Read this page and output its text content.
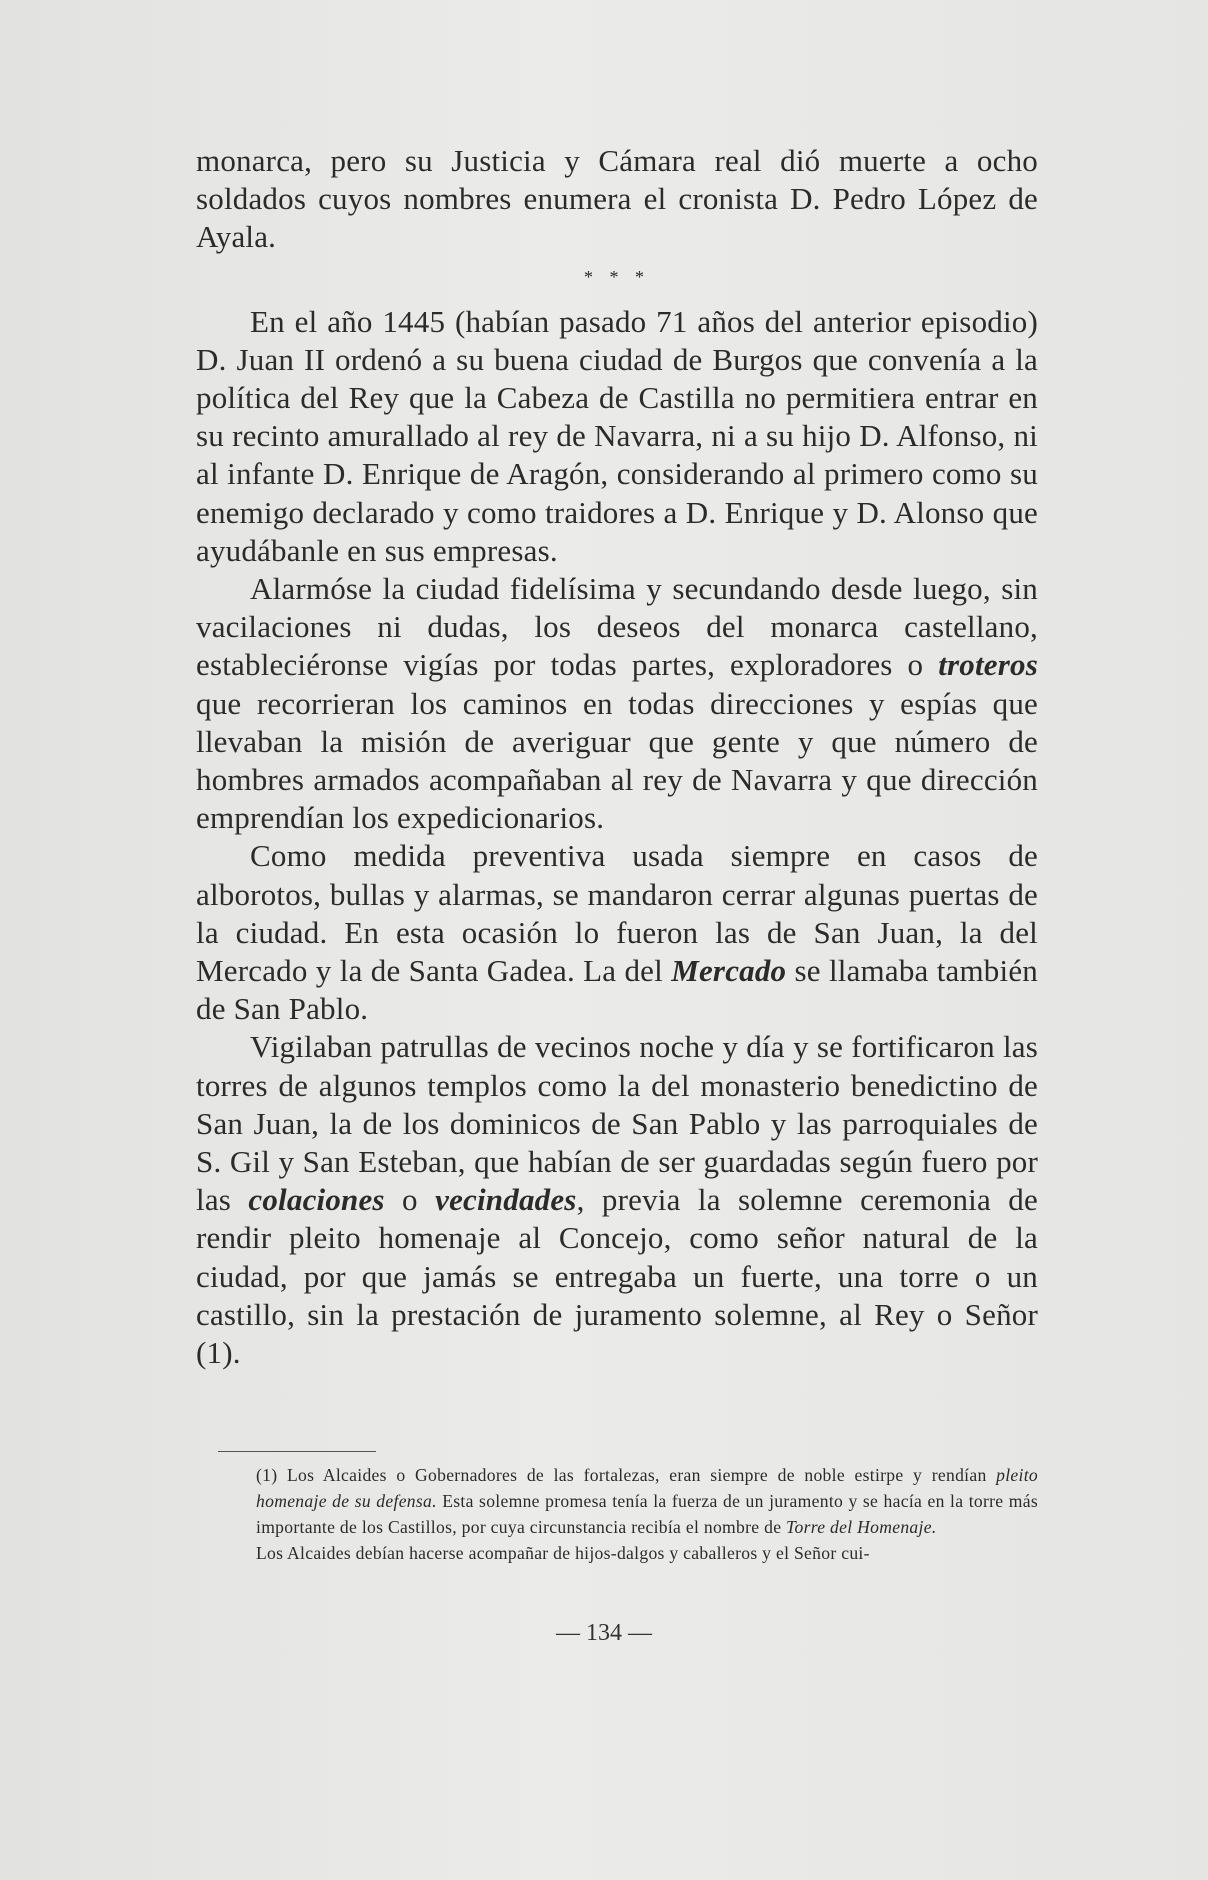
monarca, pero su Justicia y Cámara real dió muerte a ocho soldados cuyos nombres enumera el cronista D. Pedro López de Ayala.

* * *

En el año 1445 (habían pasado 71 años del anterior episodio) D. Juan II ordenó a su buena ciudad de Burgos que convenía a la política del Rey que la Cabeza de Castilla no permitiera entrar en su recinto amurallado al rey de Navarra, ni a su hijo D. Alfonso, ni al infante D. Enrique de Aragón, considerando al primero como su enemigo declarado y como traidores a D. Enrique y D. Alonso que ayudábanle en sus empresas.

Alarmóse la ciudad fidelísima y secundando desde luego, sin vacilaciones ni dudas, los deseos del monarca castellano, estableciéronse vigías por todas partes, exploradores o troteros que recorrieran los caminos en todas direcciones y espías que llevaban la misión de averiguar que gente y que número de hombres armados acompañaban al rey de Navarra y que dirección emprendían los expedicionarios.

Como medida preventiva usada siempre en casos de alborotos, bullas y alarmas, se mandaron cerrar algunas puertas de la ciudad. En esta ocasión lo fueron las de San Juan, la del Mercado y la de Santa Gadea. La del Mercado se llamaba también de San Pablo.

Vigilaban patrullas de vecinos noche y día y se fortificaron las torres de algunos templos como la del monasterio benedictino de San Juan, la de los dominicos de San Pablo y las parroquiales de S. Gil y San Esteban, que habían de ser guardadas según fuero por las colaciones o vecindades, previa la solemne ceremonia de rendir pleito homenaje al Concejo, como señor natural de la ciudad, por que jamás se entregaba un fuerte, una torre o un castillo, sin la prestación de juramento solemne, al Rey o Señor (1).

(1) Los Alcaides o Gobernadores de las fortalezas, eran siempre de noble estirpe y rendían pleito homenaje de su defensa. Esta solemne promesa tenía la fuerza de un juramento y se hacía en la torre más importante de los Castillos, por cuya circunstancia recibía el nombre de Torre del Homenaje.

Los Alcaides debían hacerse acompañar de hijos-dalgos y caballeros y el Señor cui-

— 134 —
